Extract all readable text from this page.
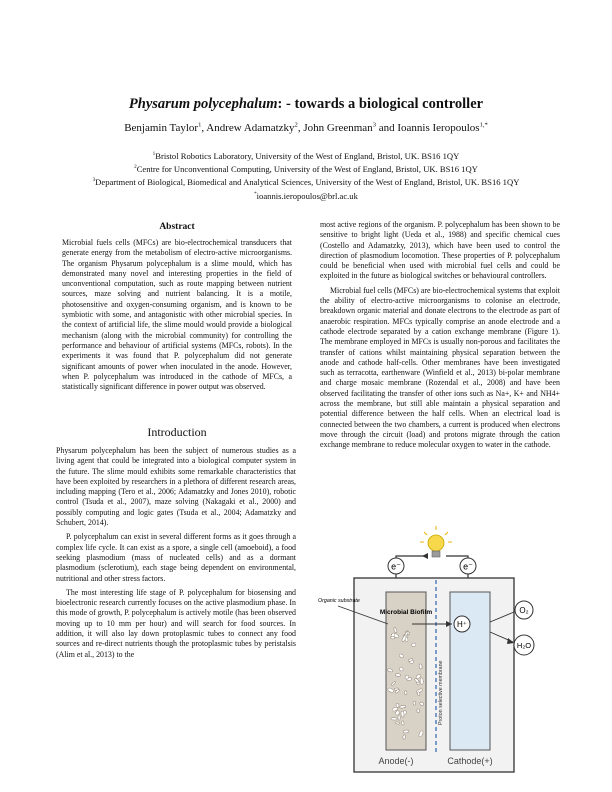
Physarum polycephalum: - towards a biological controller
Benjamin Taylor$^1$, Andrew Adamatzky$^2$, John Greenman$^3$ and Ioannis Ieropoulos$^{1,*}$
$^1$Bristol Robotics Laboratory, University of the West of England, Bristol, UK. BS16 1QY
$^2$Centre for Unconventional Computing, University of the West of England, Bristol, UK. BS16 1QY
$^3$Department of Biological, Biomedical and Analytical Sciences, University of the West of England, Bristol, UK. BS16 1QY
*ioannis.ieropoulos@brl.ac.uk
Abstract

Microbial fuels cells (MFCs) are bio-electrochemical transducers that generate energy from the metabolism of electro-active microorganisms. The organism Physarum polycephalum is a slime mould, which has demonstrated many novel and interesting properties in the field of unconventional computation, such as route mapping between nutrient sources, maze solving and nutrient balancing. It is a motile, photosensitive and oxygen-consuming organism, and is known to be symbiotic with some, and antagonistic with other microbial species. In the context of artificial life, the slime mould would provide a biological mechanism (along with the microbial community) for controlling the performance and behaviour of artificial systems (MFCs, robots). In the experiments it was found that P. polycephalum did not generate significant amounts of power when inoculated in the anode. However, when P. polycephalum was introduced in the cathode of MFCs, a statistically significant difference in power output was observed.

Introduction

Physarum polycephalum has been the subject of numerous studies as a living agent that could be integrated into a biological computer system in the future. The slime mould exhibits some remarkable characteristics that have been exploited by researchers in a plethora of different research areas, including mapping (Tero et al., 2006; Adamatzky and Jones 2010), robotic control (Tsuda et al., 2007), maze solving (Nakagaki et al., 2000) and possibly computing and logic gates (Tsuda et al., 2004; Adamatzky and Schubert, 2014).

P. polycephalum can exist in several different forms as it goes through a complex life cycle. It can exist as a spore, a single cell (amoeboid), a food seeking plasmodium (mass of nucleated cells) and as a dormant plasmodium (sclerotium), each stage being dependent on environmental, nutritional and other stress factors.

The most interesting life stage of P. polycephalum for biosensing and bioelectronic research currently focuses on the active plasmodium phase. In this mode of growth, P. polycephalum is actively motile (has been observed moving up to 10 mm per hour) and will search for food sources. In addition, it will also lay down protoplasmic tubes to connect any food sources and re-direct nutrients though the protoplasmic tubes by peristalsis (Alim et al., 2013) to the

most active regions of the organism. P. polycephalum has been shown to be sensitive to bright light (Ueda et al., 1988) and specific chemical cues (Costello and Adamatzky, 2013), which have been used to control the direction of plasmodium locomotion. These properties of P. polycephalum could be beneficial when used with microbial fuel cells and could be exploited in the future as biological switches or behavioural controllers.

Microbial fuel cells (MFCs) are bio-electrochemical systems that exploit the ability of electro-active microorganisms to colonise an electrode, breakdown organic material and donate electrons to the electrode as part of anaerobic respiration. MFCs typically comprise an anode electrode and a cathode electrode separated by a cation exchange membrane (Figure 1). The membrane employed in MFCs is usually non-porous and facilitates the transfer of cations whilst maintaining physical separation between the anode and cathode half-cells. Other membranes have been investigated such as terracotta, earthenware (Winfield et al., 2013) bi-polar membrane and charge mosaic membrane (Rozendal et al., 2008) and have been observed facilitating the transfer of other ions such as Na+, K+ and NH4+ across the membrane, but still able maintain a physical separation and potential difference between the half cells. When an electrical load is connected between the two chambers, a current is produced when electrons move through the circuit (load) and protons migrate through the cation exchange membrane to reduce molecular oxygen to water in the cathode.

e⁻	e⁻
Proton selective membrane
Microbial Biofilm
Organic substrate
H⁺
O₂
H₂O
Anode(-)	Cathode(+)
